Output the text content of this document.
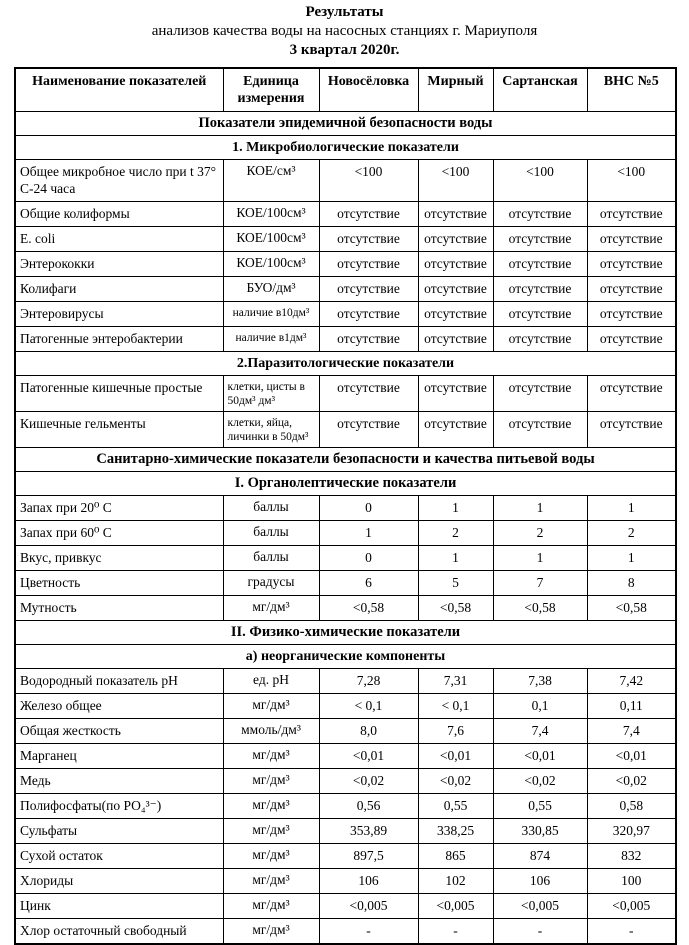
Результаты
анализов качества воды на насосных станциях г. Мариуполя
3 квартал 2020г.
Наименование показателей	Единица измерения	Новосёловка	Мирный	Сартанская	ВНС №5
Показатели эпидемичной безопасности воды					
1. Микробиологические показатели					
Общее микробное число при t 37° С-24 часа	КОЕ/см³	<100	<100	<100	<100
Общие колиформы	КОЕ/100см³	отсутствие	отсутствие	отсутствие	отсутствие
E. coli	КОЕ/100см³	отсутствие	отсутствие	отсутствие	отсутствие
Энтерококки	КОЕ/100см³	отсутствие	отсутствие	отсутствие	отсутствие
Колифаги	БУО/дм³	отсутствие	отсутствие	отсутствие	отсутствие
Энтеровирусы	наличие в10дм³	отсутствие	отсутствие	отсутствие	отсутствие
Патогенные энтеробактерии	наличие в1дм³	отсутствие	отсутствие	отсутствие	отсутствие
2.Паразитологические показатели					
Патогенные кишечные простые	клетки, цисты в 50дм³ дм³	отсутствие	отсутствие	отсутствие	отсутствие
Кишечные гельменты	клетки, яйца, личинки в 50дм³	отсутствие	отсутствие	отсутствие	отсутствие
Санитарно-химические показатели безопасности и качества питьевой воды					
I. Органолептические показатели					
Запах при 20⁰ С	баллы	0	1	1	1
Запах при 60⁰ С	баллы	1	2	2	2
Вкус, привкус	баллы	0	1	1	1
Цветность	градусы	6	5	7	8
Мутность	мг/дм³	<0,58	<0,58	<0,58	<0,58
II. Физико-химические показатели					
а) неорганические компоненты					
Водородный показатель рН	ед. рН	7,28	7,31	7,38	7,42
Железо общее	мг/дм³	< 0,1	< 0,1	0,1	0,11
Общая жесткость	ммоль/дм³	8,0	7,6	7,4	7,4
Марганец	мг/дм³	<0,01	<0,01	<0,01	<0,01
Медь	мг/дм³	<0,02	<0,02	<0,02	<0,02
Полифосфаты(по РО₄³⁻)	мг/дм³	0,56	0,55	0,55	0,58
Сульфаты	мг/дм³	353,89	338,25	330,85	320,97
Сухой остаток	мг/дм³	897,5	865	874	832
Хлориды	мг/дм³	106	102	106	100
Цинк	мг/дм³	<0,005	<0,005	<0,005	<0,005
Хлор остаточный свободный	мг/дм³	-	-	-	-
